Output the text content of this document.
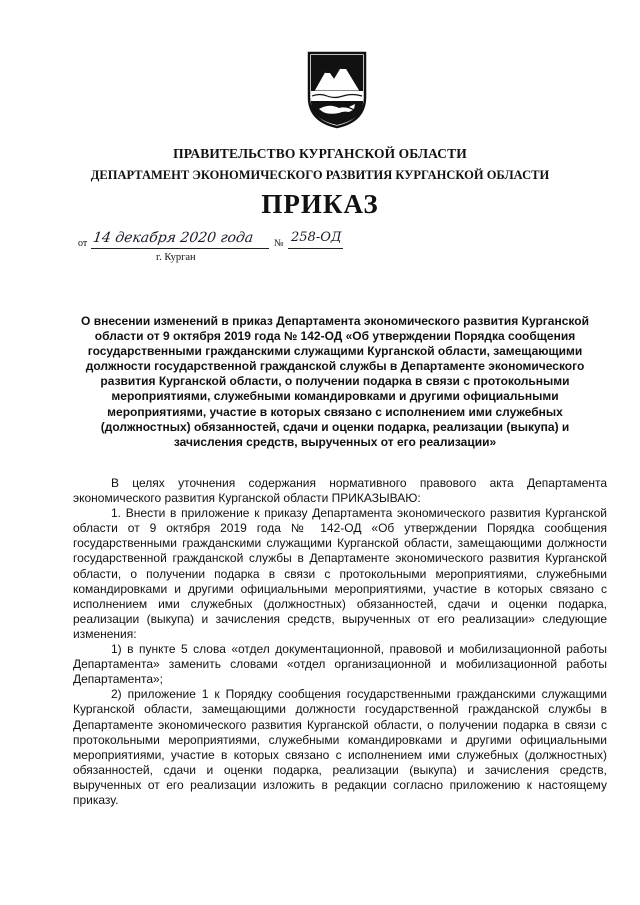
ПРАВИТЕЛЬСТВО КУРГАНСКОЙ ОБЛАСТИ
ДЕПАРТАМЕНТ ЭКОНОМИЧЕСКОГО РАЗВИТИЯ КУРГАНСКОЙ ОБЛАСТИ
ПРИКАЗ
от 14 декабря 2020 года № 258-ОД
г. Курган
О внесении изменений в приказ Департамента экономического развития Курганской области от 9 октября 2019 года № 142-ОД «Об утверждении Порядка сообщения государственными гражданскими служащими Курганской области, замещающими должности государственной гражданской службы в Департаменте экономического развития Курганской области, о получении подарка в связи с протокольными мероприятиями, служебными командировками и другими официальными мероприятиями, участие в которых связано с исполнением ими служебных (должностных) обязанностей, сдачи и оценки подарка, реализации (выкупа) и зачисления средств, вырученных от его реализации»

В целях уточнения содержания нормативного правового акта Департамента экономического развития Курганской области ПРИКАЗЫВАЮ:

1. Внести в приложение к приказу Департамента экономического развития Курганской области от 9 октября 2019 года № 142-ОД «Об утверждении Порядка сообщения государственными гражданскими служащими Курганской области, замещающими должности государственной гражданской службы в Департаменте экономического развития Курганской области, о получении подарка в связи с протокольными мероприятиями, служебными командировками и другими официальными мероприятиями, участие в которых связано с исполнением ими служебных (должностных) обязанностей, сдачи и оценки подарка, реализации (выкупа) и зачисления средств, вырученных от его реализации» следующие изменения:

1) в пункте 5 слова «отдел документационной, правовой и мобилизационной работы Департамента» заменить словами «отдел организационной и мобилизационной работы Департамента»;

2) приложение 1 к Порядку сообщения государственными гражданскими служащими Курганской области, замещающими должности государственной гражданской службы в Департаменте экономического развития Курганской области, о получении подарка в связи с протокольными мероприятиями, служебными командировками и другими официальными мероприятиями, участие в которых связано с исполнением ими служебных (должностных) обязанностей, сдачи и оценки подарка, реализации (выкупа) и зачисления средств, вырученных от его реализации изложить в редакции согласно приложению к настоящему приказу.
